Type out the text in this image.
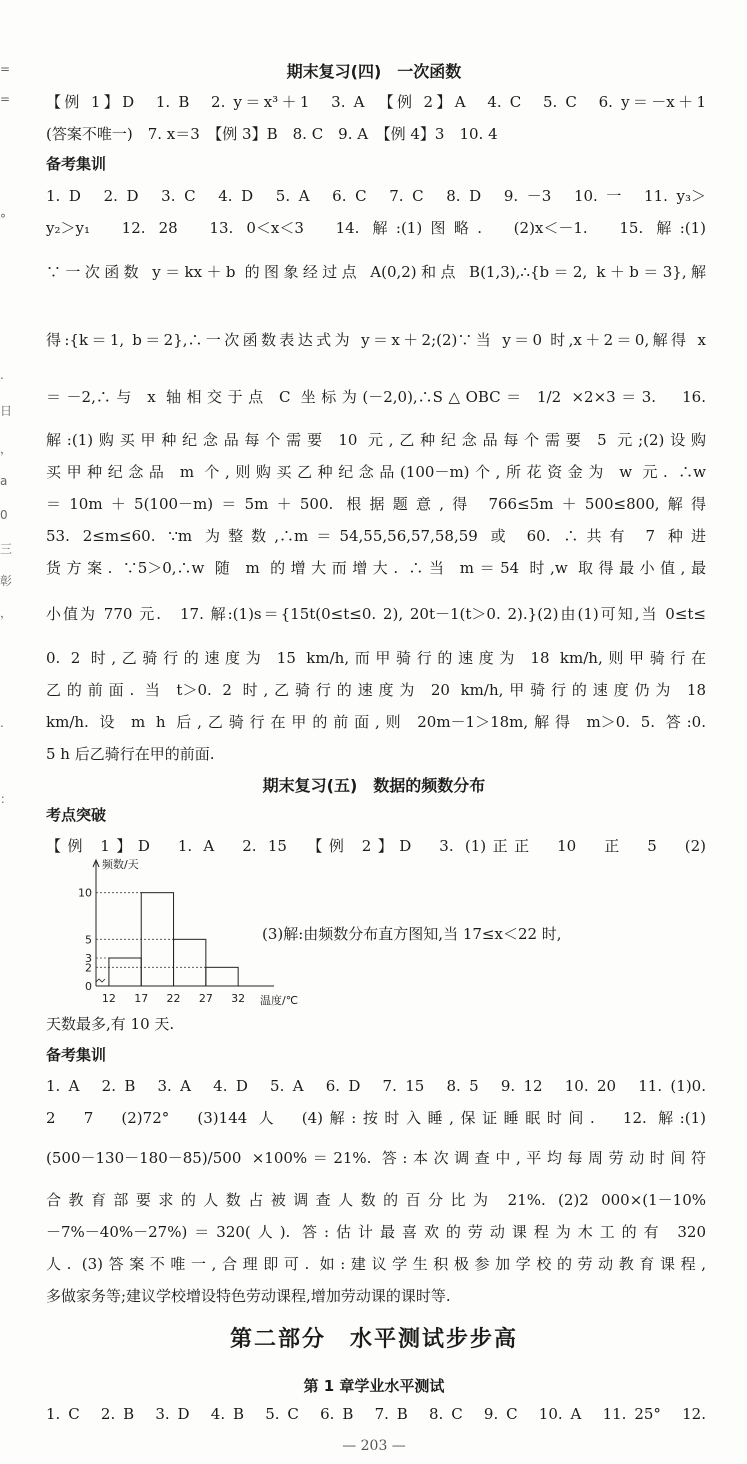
=
=
°
.
日
，
a
0
三
彰
，
.
：
期末复习(四)　一次函数
【例 1】D　1. B　2. y＝x³＋1　3. A　【例 2】A　4. C　5. C　6. y＝－x＋1
(答案不唯一)　7. x＝3　【例 3】B　8. C　9. A　【例 4】3　10. 4
备考集训
1. D　2. D　3. C　4. D　5. A　6. C　7. C　8. D　9. －3　10. 一　11. y₃＞
y₂＞y₁　12. 28　13. 0＜x＜3　14. 解:(1)图略.　(2)x＜－1.　15. 解:(1)
∵一次函数 y＝kx＋b 的图象经过点 A(0,2)和点 B(1,3),∴{b＝2, k＋b＝3},解
得:{k＝1, b＝2},∴一次函数表达式为 y＝x＋2;(2)∵当 y＝0 时,x＋2＝0,解得 x
＝－2,∴与 x 轴相交于点 C 坐标为(－2,0),∴S△OBC＝ 1/2 ×2×3＝3.　16.
解:(1)购买甲种纪念品每个需要 10 元,乙种纪念品每个需要 5 元;(2)设购
买甲种纪念品 m 个,则购买乙种纪念品(100－m)个,所花资金为 w 元. ∴w
＝10m＋5(100－m)＝5m＋500. 根据题意,得 766≤5m＋500≤800,解得
53. 2≤m≤60. ∵m 为整数,∴m＝54,55,56,57,58,59 或 60. ∴共有 7 种进
货方案. ∵5＞0,∴w 随 m 的增大而增大. ∴当 m＝54 时,w 取得最小值,最
小值为 770 元.　17. 解:(1)s＝{15t(0≤t≤0. 2), 20t－1(t＞0. 2).}(2)由(1)可知,当 0≤t≤
0. 2 时,乙骑行的速度为 15 km/h,而甲骑行的速度为 18 km/h,则甲骑行在
乙的前面. 当 t＞0. 2 时,乙骑行的速度为 20 km/h,甲骑行的速度仍为 18
km/h. 设 m h 后,乙骑行在甲的前面,则 20m－1＞18m,解得 m＞0. 5. 答:0.
5 h 后乙骑行在甲的前面.
期末复习(五)　数据的频数分布
考点突破
【例 1】D　1. A　2. 15　【例 2】D　3. (1)正正　10　正　5　(2)
0
2
3
5
10
12 17 22 27 32
频数/天
温度/℃
(3)解:由频数分布直方图知,当 17≤x＜22 时,
天数最多,有 10 天.
备考集训
1. A　2. B　3. A　4. D　5. A　6. D　7. 15　8. 5　9. 12　10. 20　11. (1)0.
2　7　(2)72°　(3)144 人　(4)解:按时入睡,保证睡眠时间.　12. 解:(1)
(500－130－180－85)/500 ×100%＝21%. 答:本次调查中,平均每周劳动时间符
合教育部要求的人数占被调查人数的百分比为 21%. (2)2 000×(1－10%
－7%－40%－27%)＝320(人). 答:估计最喜欢的劳动课程为木工的有 320
人. (3)答案不唯一,合理即可. 如:建议学生积极参加学校的劳动教育课程,
多做家务等;建议学校增设特色劳动课程,增加劳动课的课时等.
第二部分　水平测试步步高
第 1 章学业水平测试
1. C　2. B　3. D　4. B　5. C　6. B　7. B　8. C　9. C　10. A　11. 25°　12.
— 203 —
